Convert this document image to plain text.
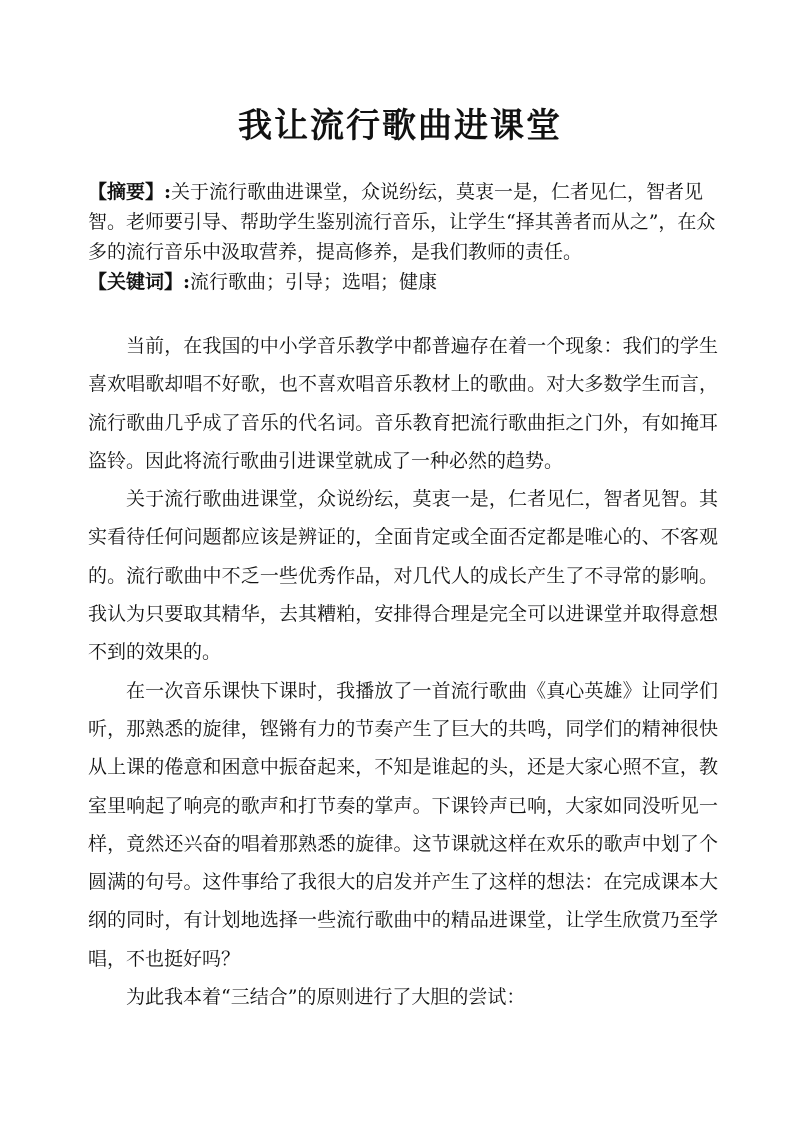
我让流行歌曲进课堂
【摘要】:关于流行歌曲进课堂，众说纷纭，莫衷一是，仁者见仁，智者见智。老师要引导、帮助学生鉴别流行音乐，让学生“择其善者而从之”，在众多的流行音乐中汲取营养，提高修养，是我们教师的责任。
【关键词】:流行歌曲；引导；选唱；健康

当前，在我国的中小学音乐教学中都普遍存在着一个现象：我们的学生喜欢唱歌却唱不好歌，也不喜欢唱音乐教材上的歌曲。对大多数学生而言，流行歌曲几乎成了音乐的代名词。音乐教育把流行歌曲拒之门外，有如掩耳盗铃。因此将流行歌曲引进课堂就成了一种必然的趋势。

关于流行歌曲进课堂，众说纷纭，莫衷一是，仁者见仁，智者见智。其实看待任何问题都应该是辨证的，全面肯定或全面否定都是唯心的、不客观的。流行歌曲中不乏一些优秀作品，对几代人的成长产生了不寻常的影响。我认为只要取其精华，去其糟粕，安排得合理是完全可以进课堂并取得意想不到的效果的。

在一次音乐课快下课时，我播放了一首流行歌曲《真心英雄》让同学们听，那熟悉的旋律，铿锵有力的节奏产生了巨大的共鸣，同学们的精神很快从上课的倦意和困意中振奋起来，不知是谁起的头，还是大家心照不宣，教室里响起了响亮的歌声和打节奏的掌声。下课铃声已响，大家如同没听见一样，竟然还兴奋的唱着那熟悉的旋律。这节课就这样在欢乐的歌声中划了个圆满的句号。这件事给了我很大的启发并产生了这样的想法：在完成课本大纲的同时，有计划地选择一些流行歌曲中的精品进课堂，让学生欣赏乃至学唱，不也挺好吗？

为此我本着“三结合”的原则进行了大胆的尝试：
